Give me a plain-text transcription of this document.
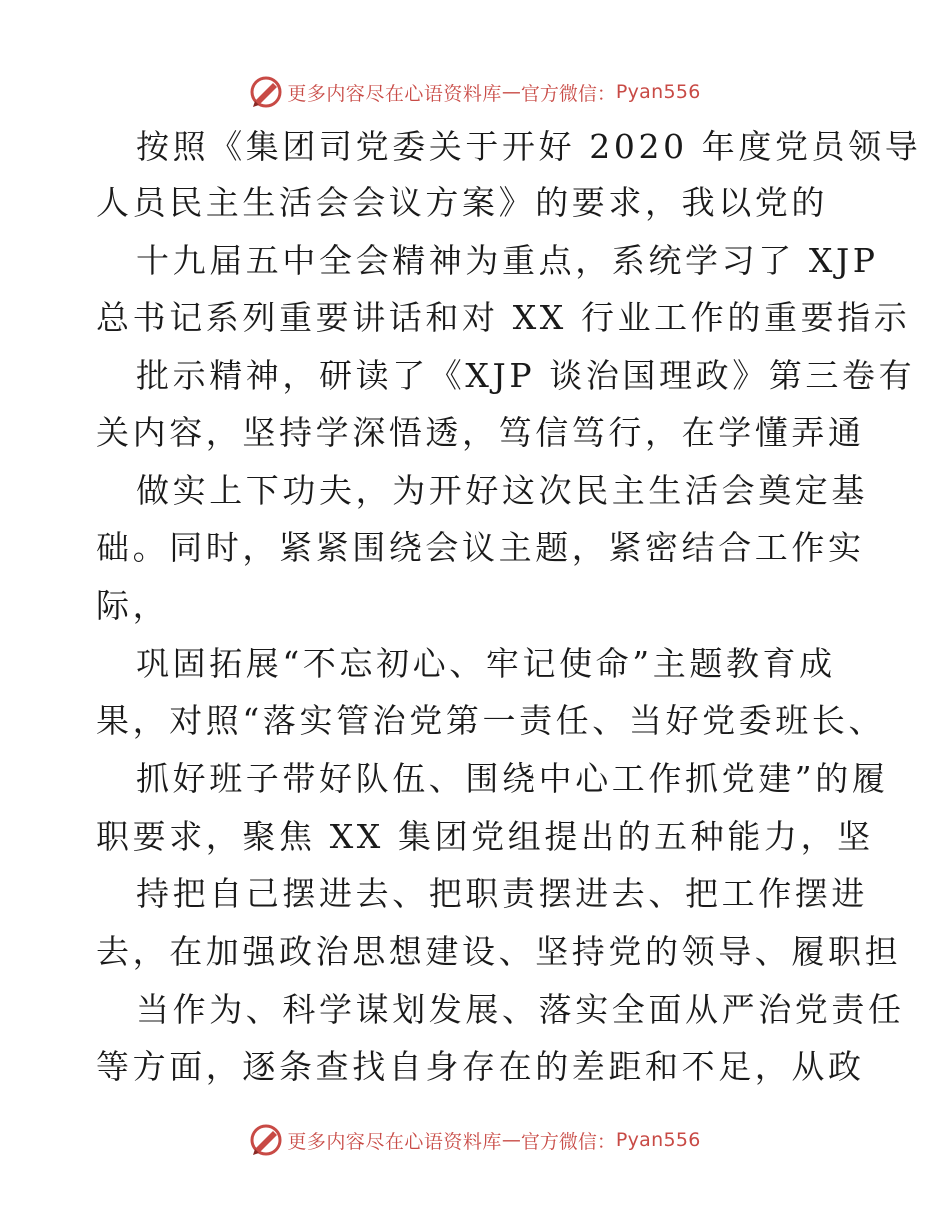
更多内容尽在心语资料库 — 官方微信： Pyan556
按照《集团司党委关于开好 2020 年度党员领导
人员民主生活会会议方案》的要求，我以党的
十九届五中全会精神为重点，系统学习了 XJP
总书记系列重要讲话和对 XX 行业工作的重要指示
批示精神，研读了《XJP 谈治国理政》第三卷有
关内容，坚持学深悟透，笃信笃行，在学懂弄通
做实上下功夫，为开好这次民主生活会奠定基
础。同时，紧紧围绕会议主题，紧密结合工作实
际，
巩固拓展“不忘初心、牢记使命”主题教育成
果，对照“落实管治党第一责任、当好党委班长、
抓好班子带好队伍、围绕中心工作抓党建”的履
职要求，聚焦 XX 集团党组提出的五种能力，坚
持把自己摆进去、把职责摆进去、把工作摆进
去，在加强政治思想建设、坚持党的领导、履职担
当作为、科学谋划发展、落实全面从严治党责任
等方面，逐条查找自身存在的差距和不足，从政
更多内容尽在心语资料库 — 官方微信： Pyan556
